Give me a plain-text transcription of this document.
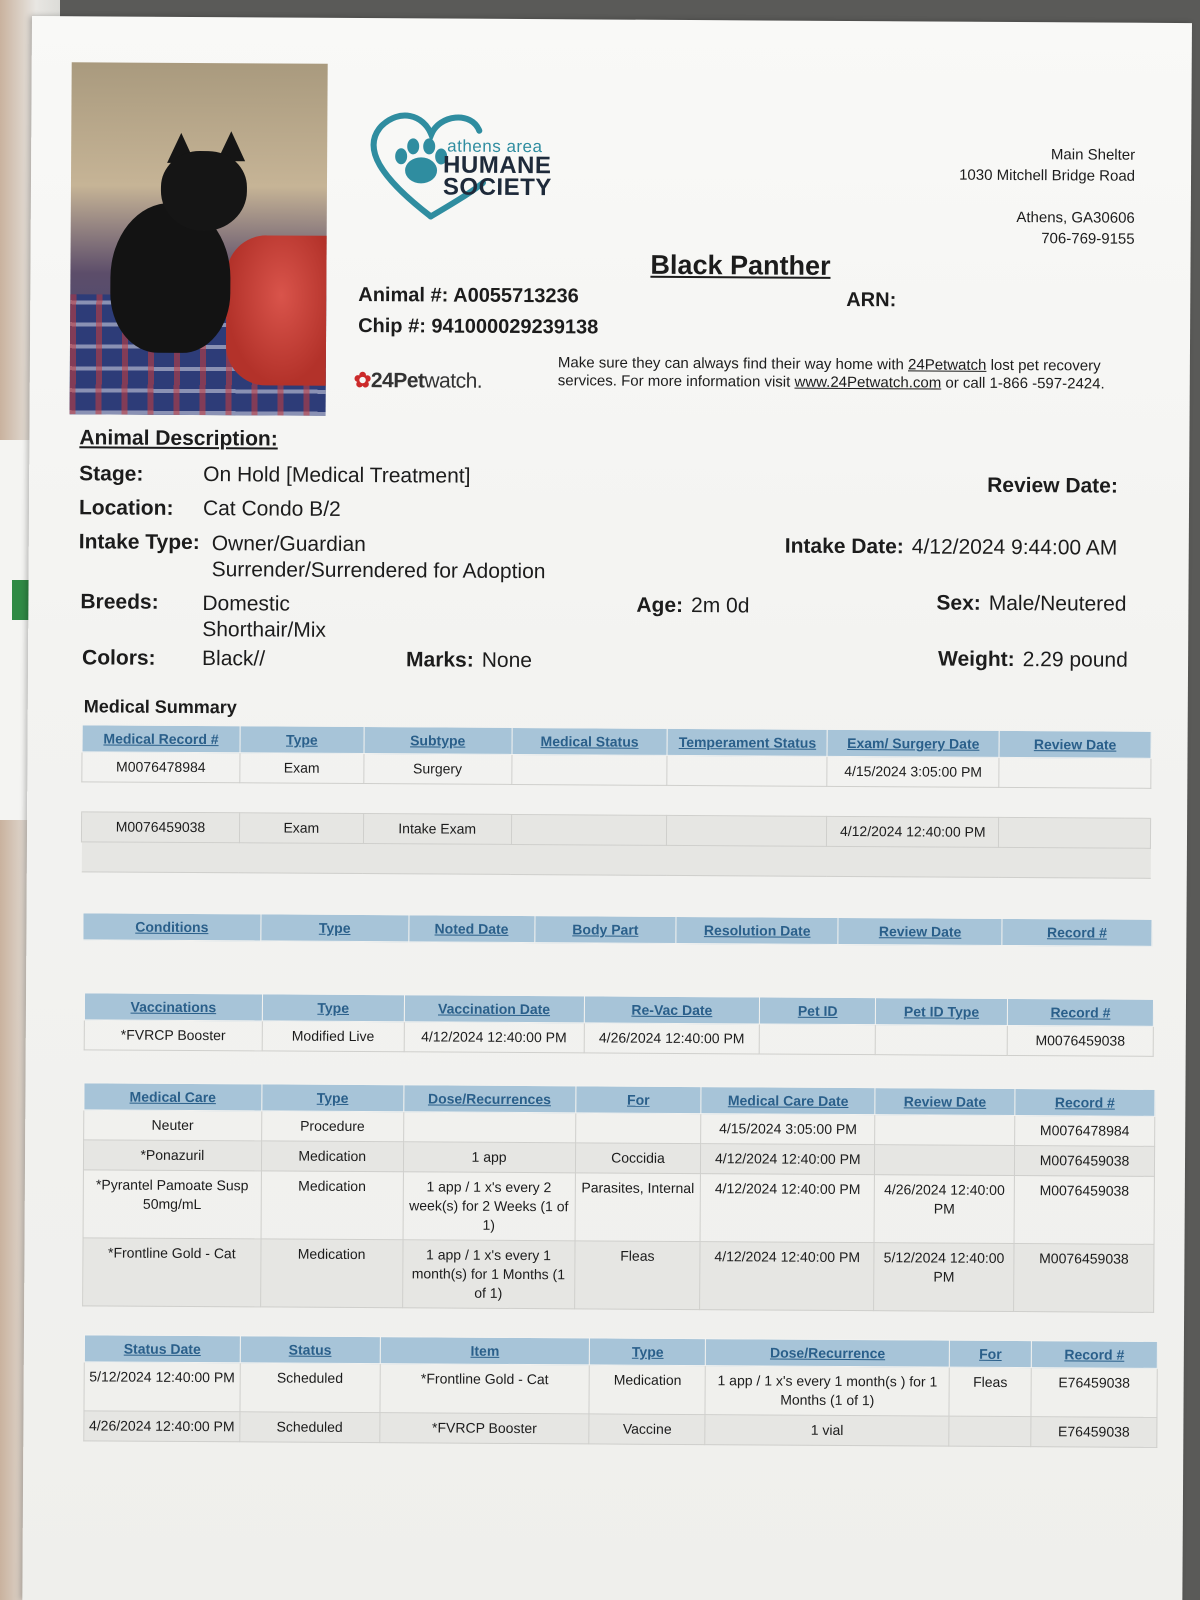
athens area
HUMANE
SOCIETY
Main Shelter
1030 Mitchell Bridge Road
Athens, GA30606
706-769-9155
Black Panther
Animal #: A0055713236
Chip #: 941000029239138
ARN:
✿24Petwatch.
Make sure they can always find their way home with 24Petwatch lost pet recovery services. For more information visit www.24Petwatch.com or call 1-866 -597-2424.
Animal Description:
Stage:	On Hold [Medical Treatment]	Review Date:
Location:	Cat Condo B/2
Intake Type: Owner/Guardian
Surrender/Surrendered for Adoption
Intake Date: 4/12/2024 9:44:00 AM
Breeds:	Domestic
Shorthair/Mix
Age: 2m 0d	Sex: Male/Neutered
Colors:	Black//	Marks: None	Weight: 2.29 pound
Medical Summary
Medical Record #	Type	Subtype	Medical Status	Temperament Status	Exam/ Surgery Date	Review Date
M0076478984	Exam	Surgery			4/15/2024 3:05:00 PM	

M0076459038	Exam	Intake Exam			4/12/2024 12:40:00 PM	

Conditions	Type	Noted Date	Body Part	Resolution Date	Review Date	Record #
Vaccinations	Type	Vaccination Date	Re-Vac Date	Pet ID	Pet ID Type	Record #
*FVRCP Booster	Modified Live	4/12/2024 12:40:00 PM	4/26/2024 12:40:00 PM			M0076459038
Medical Care	Type	Dose/Recurrences	For	Medical Care Date	Review Date	Record #
Neuter	Procedure			4/15/2024 3:05:00 PM		M0076478984
*Ponazuril	Medication	1 app	Coccidia	4/12/2024 12:40:00 PM		M0076459038
*Pyrantel Pamoate Susp 50mg/mL	Medication	1 app / 1 x's every 2 week(s) for 2 Weeks (1 of 1)	Parasites, Internal	4/12/2024 12:40:00 PM	4/26/2024 12:40:00 PM	M0076459038
*Frontline Gold - Cat	Medication	1 app / 1 x's every 1 month(s) for 1 Months (1 of 1)	Fleas	4/12/2024 12:40:00 PM	5/12/2024 12:40:00 PM	M0076459038
Status Date	Status	Item	Type	Dose/Recurrence	For	Record #
5/12/2024 12:40:00 PM	Scheduled	*Frontline Gold - Cat	Medication	1 app / 1 x's every 1 month(s ) for 1 Months (1 of 1)	Fleas	E76459038
4/26/2024 12:40:00 PM	Scheduled	*FVRCP Booster	Vaccine	1 vial		E76459038
